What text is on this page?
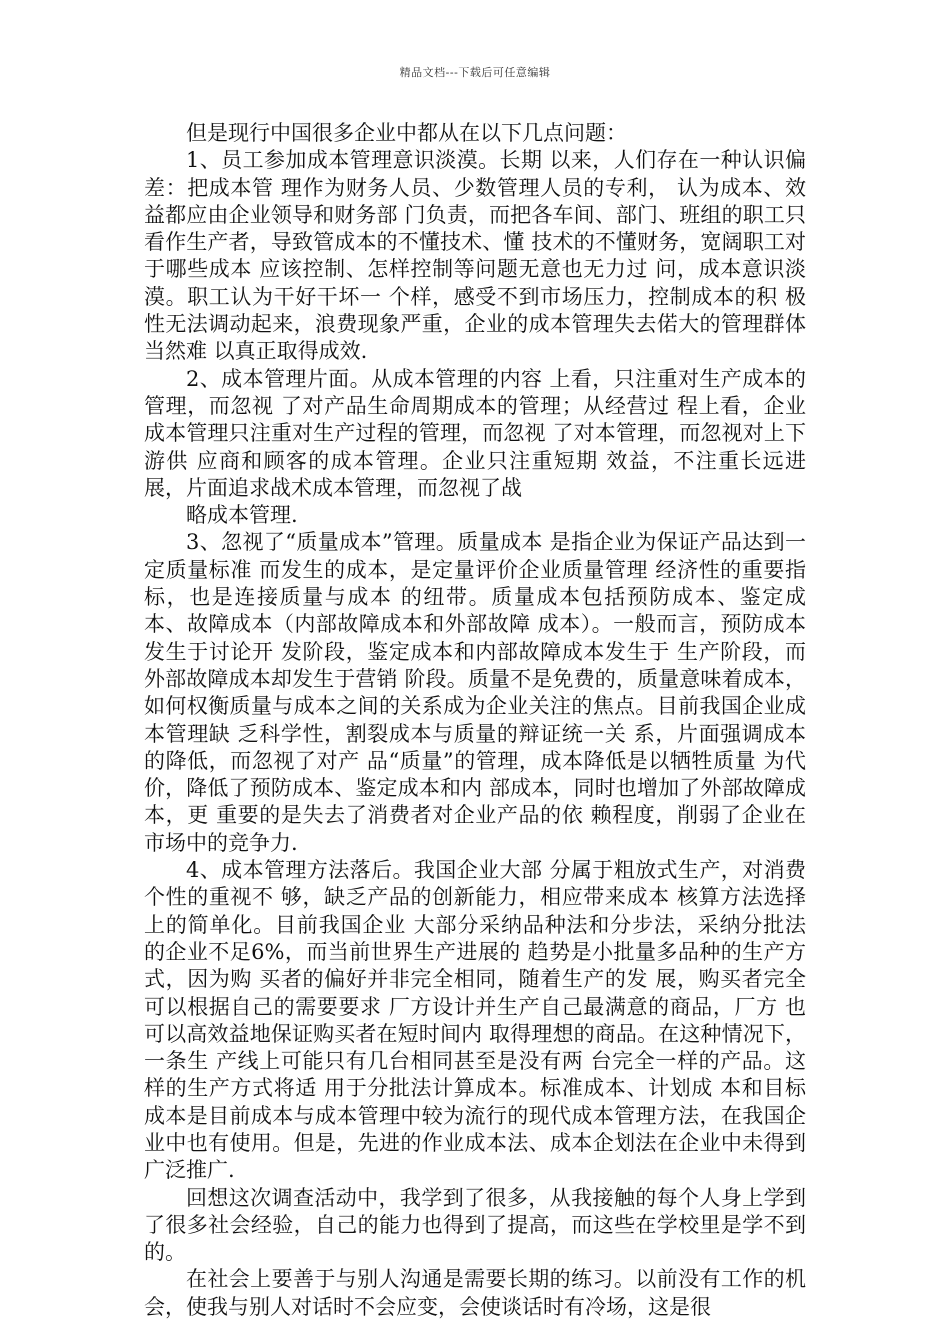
精品文档---下载后可任意编辑

但是现行中国很多企业中都从在以下几点问题：

1、员工参加成本管理意识淡漠。长期 以来，人们存在一种认识偏差：把成本管 理作为财务人员、少数管理人员的专利， 认为成本、效益都应由企业领导和财务部 门负责，而把各车间、部门、班组的职工只 看作生产者，导致管成本的不懂技术、懂 技术的不懂财务，宽阔职工对于哪些成本 应该控制、怎样控制等问题无意也无力过 问，成本意识淡漠。职工认为干好干坏一 个样，感受不到市场压力，控制成本的积 极性无法调动起来，浪费现象严重，企业的成本管理失去偌大的管理群体当然难 以真正取得成效.

2、成本管理片面。从成本管理的内容 上看，只注重对生产成本的管理，而忽视 了对产品生命周期成本的管理；从经营过 程上看，企业成本管理只注重对生产过程的管理，而忽视 了对本管理，而忽视对上下游供 应商和顾客的成本管理。企业只注重短期 效益，不注重长远进展，片面追求战术成本管理，而忽视了战

略成本管理.

3、忽视了“质量成本”管理。质量成本 是指企业为保证产品达到一定质量标准 而发生的成本，是定量评价企业质量管理 经济性的重要指标，也是连接质量与成本 的纽带。质量成本包括预防成本、鉴定成 本、故障成本（内部故障成本和外部故障 成本）。一般而言，预防成本发生于讨论开 发阶段，鉴定成本和内部故障成本发生于 生产阶段，而外部故障成本却发生于营销 阶段。质量不是免费的，质量意味着成本， 如何权衡质量与成本之间的关系成为企业关注的焦点。目前我国企业成本管理缺 乏科学性，割裂成本与质量的辩证统一关 系，片面强调成本的降低，而忽视了对产 品“质量”的管理，成本降低是以牺牲质量 为代价，降低了预防成本、鉴定成本和内 部成本，同时也增加了外部故障成本，更 重要的是失去了消费者对企业产品的依 赖程度，削弱了企业在市场中的竞争力.

4、成本管理方法落后。我国企业大部 分属于粗放式生产，对消费个性的重视不 够，缺乏产品的创新能力，相应带来成本 核算方法选择上的简单化。目前我国企业 大部分采纳品种法和分步法，采纳分批法 的企业不足6%，而当前世界生产进展的 趋势是小批量多品种的生产方式，因为购 买者的偏好并非完全相同，随着生产的发 展，购买者完全可以根据自己的需要要求 厂方设计并生产自己最满意的商品，厂方 也可以高效益地保证购买者在短时间内 取得理想的商品。在这种情况下，一条生 产线上可能只有几台相同甚至是没有两 台完全一样的产品。这样的生产方式将适 用于分批法计算成本。标准成本、计划成 本和目标成本是目前成本与成本管理中较为流行的现代成本管理方法，在我国企 业中也有使用。但是，先进的作业成本法、成本企划法在企业中未得到广泛推广.

回想这次调查活动中，我学到了很多，从我接触的每个人身上学到了很多社会经验，自己的能力也得到了提高，而这些在学校里是学不到的。

在社会上要善于与别人沟通是需要长期的练习。以前没有工作的机会，使我与别人对话时不会应变，会使谈话时有冷场，这是很
